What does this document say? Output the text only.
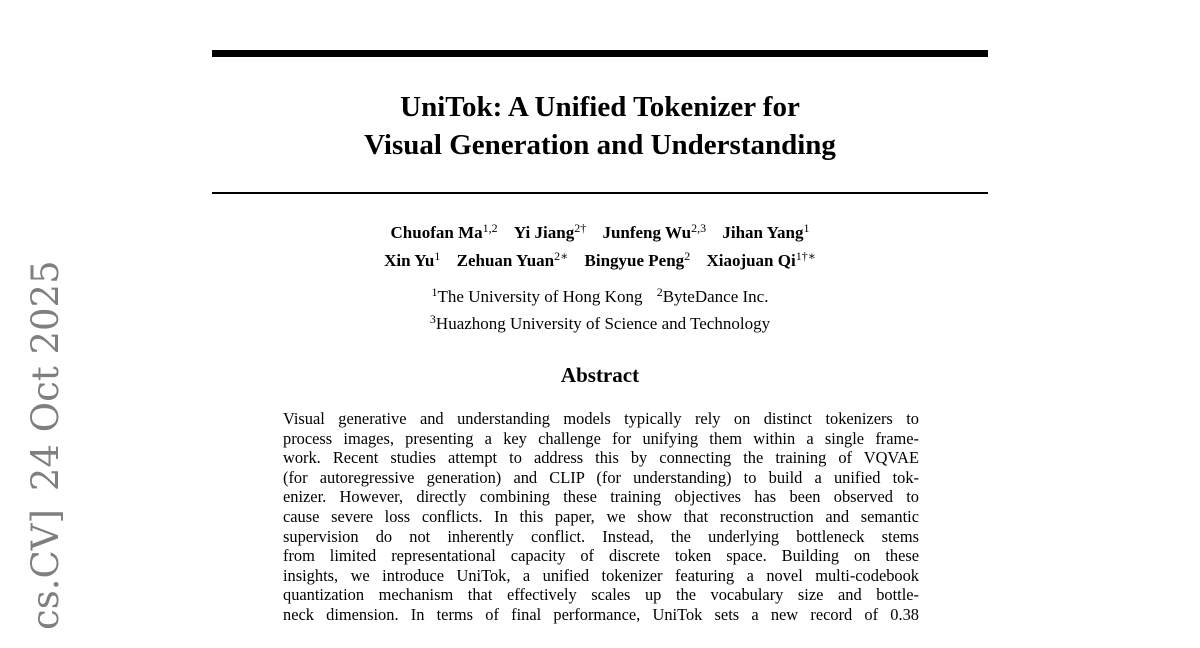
UniTok: A Unified Tokenizer for
Visual Generation and Understanding
Chuofan Ma$^{1,2}$ Yi Jiang$^{2\dagger}$ Junfeng Wu$^{2,3}$ Jihan Yang$^1$
Xin Yu$^1$ Zehuan Yuan$^{2∗}$ Bingyue Peng$^2$ Xiaojuan $Qi^{1\dagger∗}$
$^1$The University of Hong Kong $^2$ByteDance Inc.
$^3$Huazhong University of Science and Technology
Abstract
Visual generative and understanding models typically rely on distinct tokenizers to
process images, presenting a key challenge for unifying them within a single frame-
work. Recent studies attempt to address this by connecting the training of VQVAE
(for autoregressive generation) and CLIP (for understanding) to build a unified tok-
enizer. However, directly combining these training objectives has been observed to
cause severe loss conflicts. In this paper, we show that reconstruction and semantic
supervision do not inherently conflict. Instead, the underlying bottleneck stems
from limited representational capacity of discrete token space. Building on these
insights, we introduce UniTok, a unified tokenizer featuring a novel multi-codebook
quantization mechanism that effectively scales up the vocabulary size and bottle-
neck dimension. In terms of final performance, UniTok sets a new record of 0.38
cs.CV]24 Oct 2025
